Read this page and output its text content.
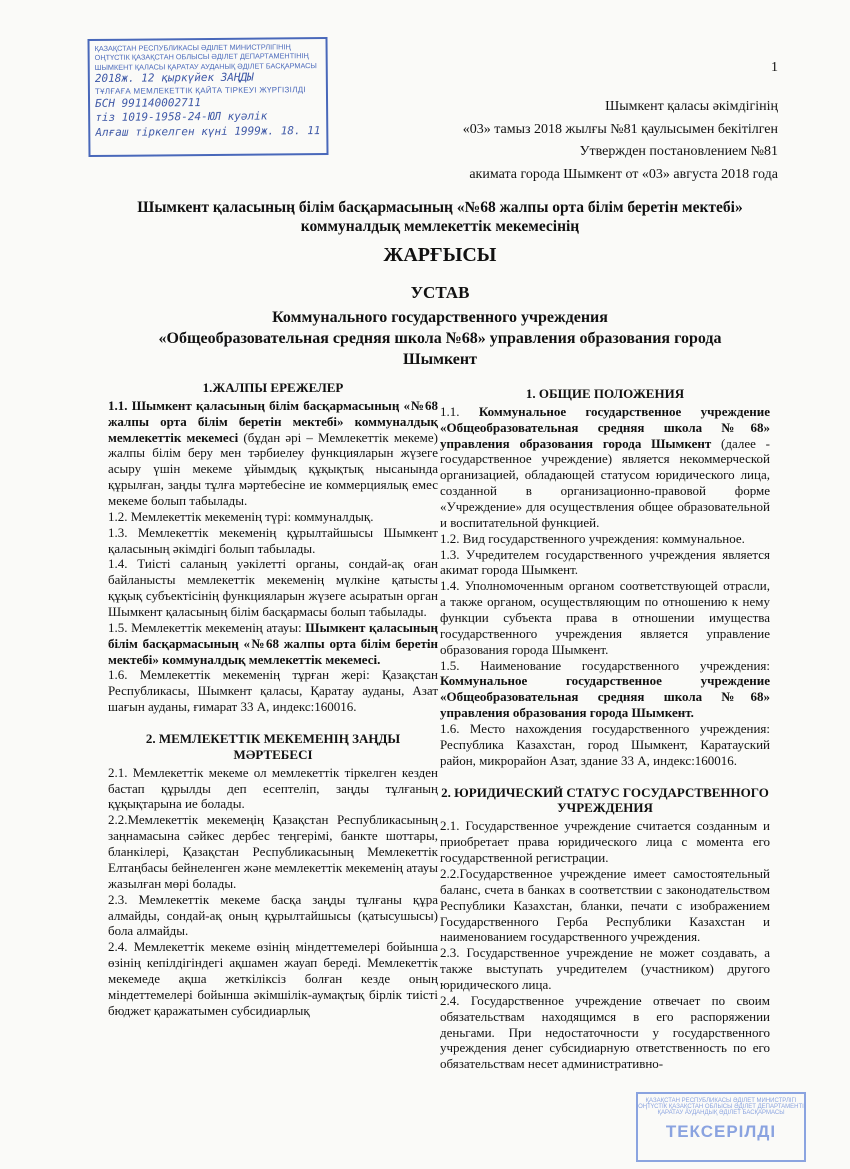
1
ҚАЗАҚСТАН РЕСПУБЛИКАСЫ ӘДІЛЕТ МИНИСТРЛІГІНІҢ
ОҢТҮСТІК ҚАЗАҚСТАН ОБЛЫСЫ ӘДІЛЕТ ДЕПАРТАМЕНТІНІҢ
ШЫМКЕНТ ҚАЛАСЫ ҚАРАТАУ АУДАНЫҚ ӘДІЛЕТ БАСҚАРМАСЫ
2018ж. 12 қыркүйек ЗАҢДЫ
ТҰЛҒАҒА МЕМЛЕКЕТТІК ҚАЙТА ТІРКЕУІ ЖҮРГІЗІЛДІ
БСН 991140002711
тіз 1019-1958-24-ЮЛ куәлік
Алғаш тіркелген күні 1999ж. 18. 11
Шымкент қаласы әкімдігінің
«03» тамыз 2018 жылғы №81 қаулысымен бекітілген
Утвержден постановлением №81
акимата города Шымкент от «03» августа 2018 года
Шымкент қаласының білім басқармасының «№68 жалпы орта білім беретін мектебі»
коммуналдық мемлекеттік мекемесінің
ЖАРҒЫСЫ
УСТАВ
Коммунального государственного учреждения
«Общеобразовательная средняя школа №68» управления образования города
Шымкент
1.ЖАЛПЫ ЕРЕЖЕЛЕР

1.1. Шымкент қаласының білім басқармасының «№68 жалпы орта білім беретін мектебі» коммуналдық мемлекеттік мекемесі (бұдан әрі – Мемлекеттік мекеме) жалпы білім беру мен тәрбиелеу функцияларын жүзеге асыру үшін мекеме ұйымдық құқықтық нысанында құрылған, заңды тұлға мәртебесіне ие коммерциялық емес мекеме болып табылады.

1.2. Мемлекеттік мекеменің түрі: коммуналдық.

1.3. Мемлекеттік мекеменің құрылтайшысы Шымкент қаласының әкімдігі болып табылады.

1.4. Тиісті саланың уәкілетті органы, сондай-ақ оған байланысты мемлекеттік мекеменің мүлкіне қатысты құқық субъектісінің функцияларын жүзеге асыратын орган Шымкент қаласының білім басқармасы болып табылады.

1.5. Мемлекеттік мекеменің атауы: Шымкент қаласының білім басқармасының «№68 жалпы орта білім беретін мектебі» коммуналдық мемлекеттік мекемесі.

1.6. Мемлекеттік мекеменің тұрған жері: Қазақстан Республикасы, Шымкент қаласы, Қаратау ауданы, Азат шағын ауданы, ғимарат 33 А, индекс:160016.

2. МЕМЛЕКЕТТІК МЕКЕМЕНІҢ ЗАҢДЫ МӘРТЕБЕСІ

2.1. Мемлекеттік мекеме ол мемлекеттік тіркелген кезден бастап құрылды деп есептеліп, заңды тұлғаның құқықтарына ие болады.

2.2.Мемлекеттік мекемеңің Қазақстан Республикасының заңнамасына сәйкес дербес теңгерімі, банкте шоттары, бланкілері, Қазақстан Республикасының Мемлекеттік Елтаңбасы бейнеленген және мемлекеттік мекеменің атауы жазылған мөрі болады.

2.3. Мемлекеттік мекеме басқа заңды тұлғаны құра алмайды, сондай-ақ оның құрылтайшысы (қатысушысы) бола алмайды.

2.4. Мемлекеттік мекеме өзінің міндеттемелері бойынша өзінің кепілдігіндегі ақшамен жауап береді. Мемлекеттік мекемеде ақша жеткіліксіз болған кезде оның міндеттемелері бойынша әкімшілік-аумақтық бірлік тиісті бюджет қаражатымен субсидиарлық

1. ОБЩИЕ ПОЛОЖЕНИЯ

1.1. Коммунальное государственное учреждение «Общеобразовательная средняя школа №68» управления образования города Шымкент (далее - государственное учреждение) является некоммерческой организацией, обладающей статусом юридического лица, созданной в организационно-правовой форме «Учреждение» для осуществления общее образовательной и воспитательной функцией.

1.2. Вид государственного учреждения: коммунальное.

1.3. Учредителем государственного учреждения является акимат города Шымкент.

1.4. Уполномоченным органом соответствующей отрасли, а также органом, осуществляющим по отношению к нему функции субъекта права в отношении имущества государственного учреждения является управление образования города Шымкент.

1.5. Наименование государственного учреждения: Коммунальное государственное учреждение «Общеобразовательная средняя школа №68» управления образования города Шымкент.

1.6. Место нахождения государственного учреждения: Республика Казахстан, город Шымкент, Каратауский район, микрорайон Азат, здание 33 А, индекс:160016.

2. ЮРИДИЧЕСКИЙ СТАТУС ГОСУДАРСТВЕННОГО УЧРЕЖДЕНИЯ

2.1. Государственное учреждение считается созданным и приобретает права юридического лица с момента его государственной регистрации.

2.2.Государственное учреждение имеет самостоятельный баланс, счета в банках в соответствии с законодательством Республики Казахстан, бланки, печати с изображением Государственного Герба Республики Казахстан и наименованием государственного учреждения.

2.3. Государственное учреждение не может создавать, а также выступать учредителем (участником) другого юридического лица.

2.4. Государственное учреждение отвечает по своим обязательствам находящимся в его распоряжении деньгами. При недостаточности у государственного учреждения денег субсидиарную ответственность по его обязательствам несет административно-

ҚАЗАҚСТАН РЕСПУБЛИКАСЫ ӘДІЛЕТ МИНИСТРЛІГІ ОҢТҮСТІК ҚАЗАҚСТАН ОБЛЫСЫ ӘДІЛЕТ ДЕПАРТАМЕНТІ ҚАРАТАУ АУДАНДЫҚ ӘДІЛЕТ БАСҚАРМАСЫ
ТЕКСЕРІЛДІ
